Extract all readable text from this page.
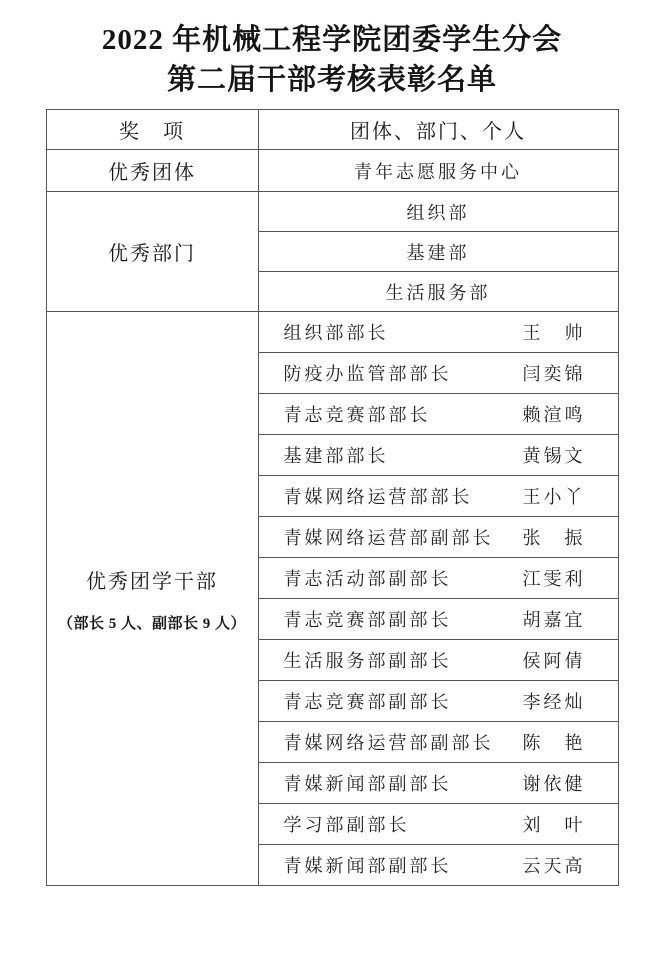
2022 年机械工程学院团委学生分会
第二届干部考核表彰名单
奖　项	团体、部门、个人
优秀团体	青年志愿服务中心
优秀部门	组织部
	基建部
	生活服务部
优秀团学干部
（部长 5 人、副部长 9 人）	组织部部长 王　帅

	防疫办监管部部长 闫奕锦

	青志竞赛部部长 赖渲鸣

	基建部部长 黄锡文

	青媒网络运营部部长 王小丫

	青媒网络运营部副部长 张　振

	青志活动部副部长 江雯利

	青志竞赛部副部长 胡嘉宜

	生活服务部副部长 侯阿倩

	青志竞赛部副部长 李经灿

	青媒网络运营部副部长 陈　艳

	青媒新闻部副部长 谢依健

	学习部副部长 刘　叶

	青媒新闻部副部长 云天高
